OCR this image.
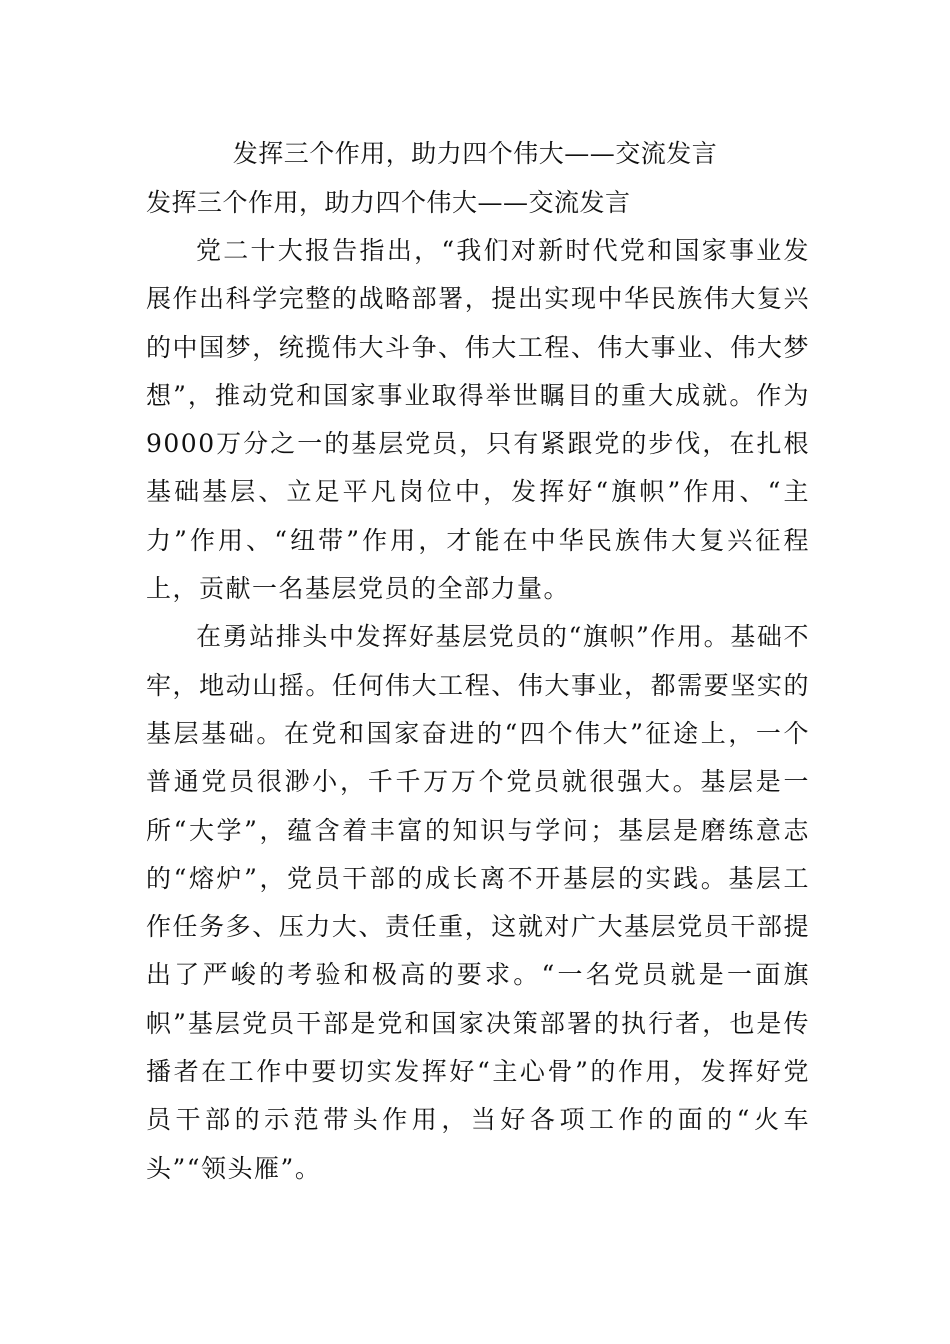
发挥三个作用，助力四个伟大——交流发言
发挥三个作用，助力四个伟大——交流发言

党二十大报告指出，“我们对新时代党和国家事业发展作出科学完整的战略部署，提出实现中华民族伟大复兴的中国梦，统揽伟大斗争、伟大工程、伟大事业、伟大梦想”，推动党和国家事业取得举世瞩目的重大成就。作为9000万分之一的基层党员，只有紧跟党的步伐，在扎根基础基层、立足平凡岗位中，发挥好“旗帜”作用、“主力”作用、“纽带”作用，才能在中华民族伟大复兴征程上，贡献一名基层党员的全部力量。

在勇站排头中发挥好基层党员的“旗帜”作用。基础不牢，地动山摇。任何伟大工程、伟大事业，都需要坚实的基层基础。在党和国家奋进的“四个伟大”征途上，一个普通党员很渺小，千千万万个党员就很强大。基层是一所“大学”，蕴含着丰富的知识与学问；基层是磨练意志的“熔炉”，党员干部的成长离不开基层的实践。基层工作任务多、压力大、责任重，这就对广大基层党员干部提出了严峻的考验和极高的要求。“一名党员就是一面旗帜”基层党员干部是党和国家决策部署的执行者，也是传播者在工作中要切实发挥好“主心骨”的作用，发挥好党员干部的示范带头作用，当好各项工作的面的“火车头”“领头雁”。
